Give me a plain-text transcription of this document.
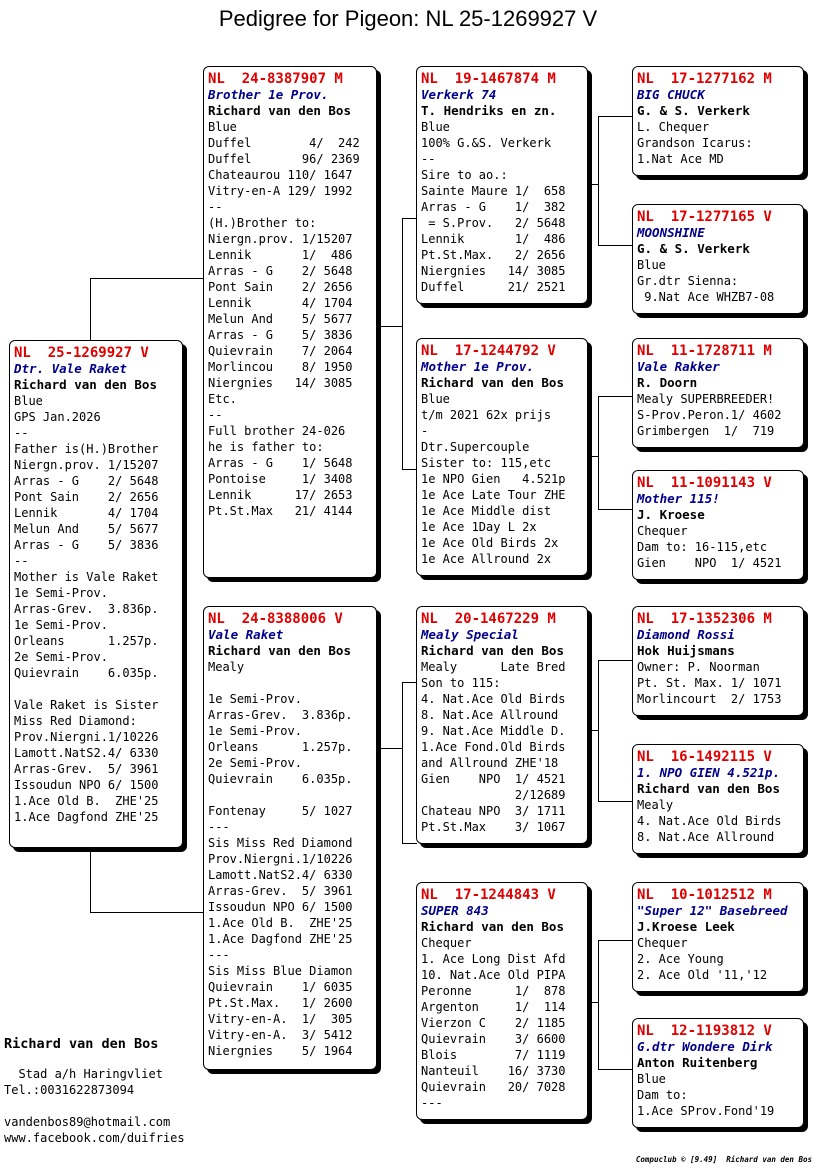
Pedigree for Pigeon: NL 25-1269927 V
NL  25-1269927 V
Dtr. Vale Raket
Richard van den Bos
Blue
GPS Jan.2026
--
Father is(H.)Brother
Niergn.prov. 1/15207
Arras - G    2/ 5648
Pont Sain    2/ 2656
Lennik       4/ 1704
Melun And    5/ 5677
Arras - G    5/ 3836
--
Mother is Vale Raket
1e Semi-Prov.
Arras-Grev.  3.836p.
1e Semi-Prov.
Orleans      1.257p.
2e Semi-Prov.
Quievrain    6.035p.
Vale Raket is Sister
Miss Red Diamond:
Prov.Niergni.1/10226
Lamott.NatS2.4/ 6330
Arras-Grev.  5/ 3961
Issoudun NPO 6/ 1500
1.Ace Old B.  ZHE'25
1.Ace Dagfond ZHE'25
NL  24-8387907 M
Brother 1e Prov.
Richard van den Bos
Blue
Duffel        4/  242
Duffel       96/ 2369
Chateaurou 110/ 1647
Vitry-en-A 129/ 1992
--
(H.)Brother to:
Niergn.prov. 1/15207
Lennik       1/  486
Arras - G    2/ 5648
Pont Sain    2/ 2656
Lennik       4/ 1704
Melun And    5/ 5677
Arras - G    5/ 3836
Quievrain    7/ 2064
Morlincou    8/ 1950
Niergnies   14/ 3085
Etc.
--
Full brother 24-026
he is father to:
Arras - G    1/ 5648
Pontoise     1/ 3408
Lennik      17/ 2653
Pt.St.Max   21/ 4144
NL  24-8388006 V
Vale Raket
Richard van den Bos
Mealy
1e Semi-Prov.
Arras-Grev.  3.836p.
1e Semi-Prov.
Orleans      1.257p.
2e Semi-Prov.
Quievrain    6.035p.
Fontenay     5/ 1027
---
Sis Miss Red Diamond
Prov.Niergni.1/10226
Lamott.NatS2.4/ 6330
Arras-Grev.  5/ 3961
Issoudun NPO 6/ 1500
1.Ace Old B.  ZHE'25
1.Ace Dagfond ZHE'25
---
Sis Miss Blue Diamon
Quievrain    1/ 6035
Pt.St.Max.   1/ 2600
Vitry-en-A.  1/  305
Vitry-en-A.  3/ 5412
Niergnies    5/ 1964
NL  19-1467874 M
Verkerk 74
T. Hendriks en zn.
Blue
100% G.&S. Verkerk
--
Sire to ao.:
Sainte Maure 1/  658
Arras - G    1/  382
= S.Prov.   2/ 5648
Lennik       1/  486
Pt.St.Max.   2/ 2656
Niergnies   14/ 3085
Duffel      21/ 2521
NL  17-1244792 V
Mother 1e Prov.
Richard van den Bos
Blue
t/m 2021 62x prijs
-
Dtr.Supercouple
Sister to: 115,etc
1e NPO Gien   4.521p
1e Ace Late Tour ZHE
1e Ace Middle dist
1e Ace 1Day L 2x
1e Ace Old Birds 2x
1e Ace Allround 2x
NL  20-1467229 M
Mealy Special
Richard van den Bos
Mealy      Late Bred
Son to 115:
4. Nat.Ace Old Birds
8. Nat.Ace Allround
9. Nat.Ace Middle D.
1.Ace Fond.Old Birds
and Allround ZHE'18
Gien    NPO  1/ 4521
2/12689
Chateau NPO  3/ 1711
Pt.St.Max    3/ 1067
NL  17-1244843 V
SUPER 843
Richard van den Bos
Chequer
1. Ace Long Dist Afd
10. Nat.Ace Old PIPA
Peronne      1/  878
Argenton     1/  114
Vierzon C    2/ 1185
Quievrain    3/ 6600
Blois        7/ 1119
Nanteuil    16/ 3730
Quievrain   20/ 7028
---
NL  17-1277162 M
BIG CHUCK
G. & S. Verkerk
L. Chequer
Grandson Icarus:
1.Nat Ace MD
NL  17-1277165 V
MOONSHINE
G. & S. Verkerk
Blue
Gr.dtr Sienna:
9.Nat Ace WHZB7-08
NL  11-1728711 M
Vale Rakker
R. Doorn
Mealy SUPERBREEDER!
S-Prov.Peron.1/ 4602
Grimbergen  1/  719
NL  11-1091143 V
Mother 115!
J. Kroese
Chequer
Dam to: 16-115,etc
Gien    NPO  1/ 4521
NL  17-1352306 M
Diamond Rossi
Hok Huijsmans
Owner: P. Noorman
Pt. St. Max. 1/ 1071
Morlincourt  2/ 1753
NL  16-1492115 V
1. NPO GIEN 4.521p.
Richard van den Bos
Mealy
4. Nat.Ace Old Birds
8. Nat.Ace Allround
NL  10-1012512 M
"Super 12" Basebreed
J.Kroese Leek
Chequer
2. Ace Young
2. Ace Old '11,'12
NL  12-1193812 V
G.dtr Wondere Dirk
Anton Ruitenberg
Blue
Dam to:
1.Ace SProv.Fond'19
Richard van den Bos
Stad a/h Haringvliet
Tel.:0031622873094
vandenbos89@hotmail.com
www.facebook.com/duifries
Compuclub © [9.49]  Richard van den Bos
